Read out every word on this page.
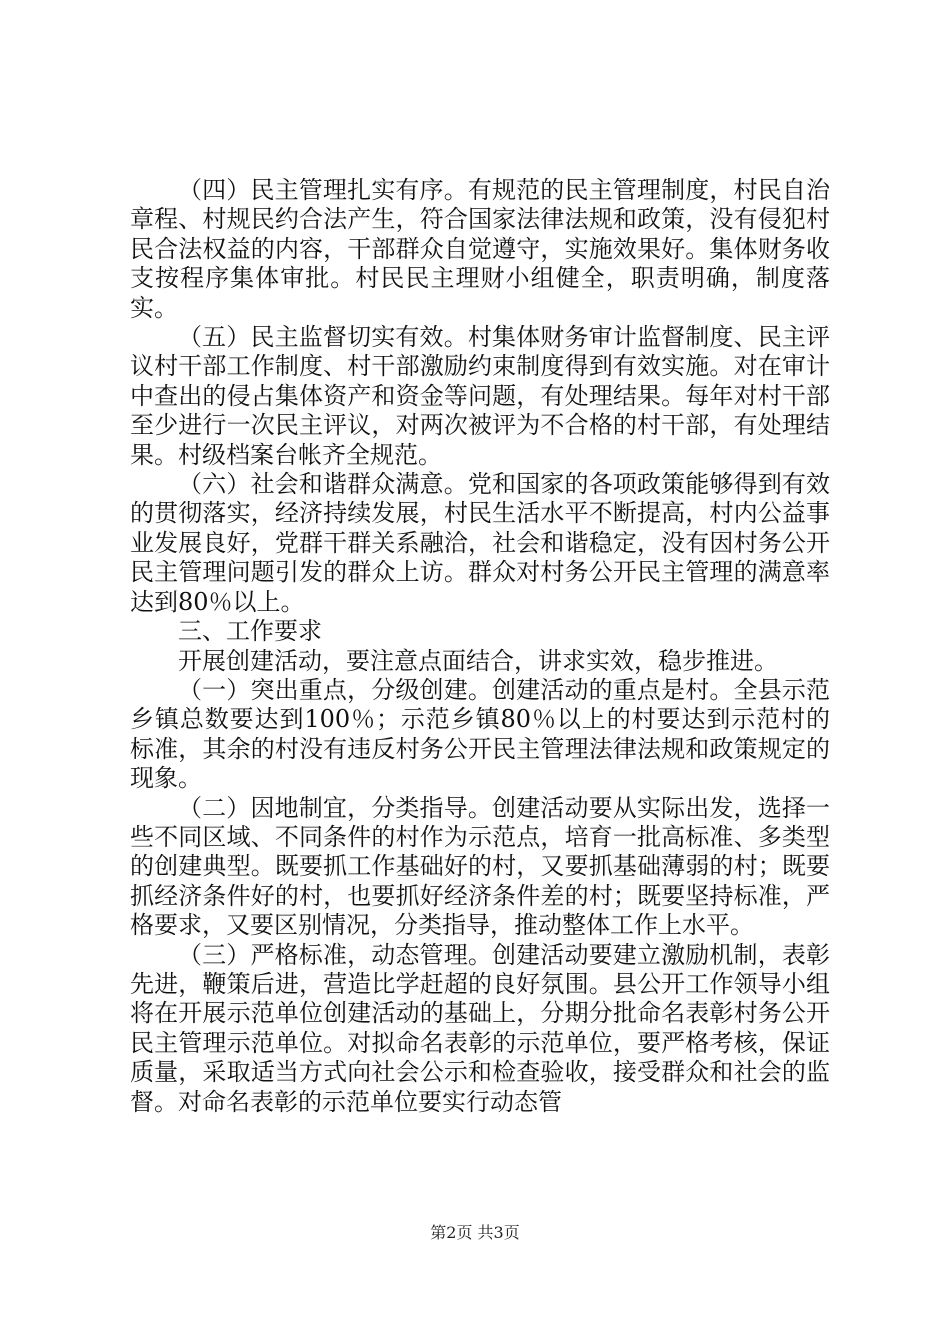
（四）民主管理扎实有序。有规范的民主管理制度，村民自治章程、村规民约合法产生，符合国家法律法规和政策，没有侵犯村民合法权益的内容，干部群众自觉遵守，实施效果好。集体财务收支按程序集体审批。村民民主理财小组健全，职责明确，制度落实。

（五）民主监督切实有效。村集体财务审计监督制度、民主评议村干部工作制度、村干部激励约束制度得到有效实施。对在审计中查出的侵占集体资产和资金等问题，有处理结果。每年对村干部至少进行一次民主评议，对两次被评为不合格的村干部，有处理结果。村级档案台帐齐全规范。

（六）社会和谐群众满意。党和国家的各项政策能够得到有效的贯彻落实，经济持续发展，村民生活水平不断提高，村内公益事业发展良好，党群干群关系融洽，社会和谐稳定，没有因村务公开民主管理问题引发的群众上访。群众对村务公开民主管理的满意率达到80％以上。

三、工作要求

开展创建活动，要注意点面结合，讲求实效，稳步推进。

（一）突出重点，分级创建。创建活动的重点是村。全县示范乡镇总数要达到100％；示范乡镇80％以上的村要达到示范村的标准，其余的村没有违反村务公开民主管理法律法规和政策规定的现象。

（二）因地制宜，分类指导。创建活动要从实际出发，选择一些不同区域、不同条件的村作为示范点，培育一批高标准、多类型的创建典型。既要抓工作基础好的村，又要抓基础薄弱的村；既要抓经济条件好的村，也要抓好经济条件差的村；既要坚持标准，严格要求，又要区别情况，分类指导，推动整体工作上水平。

（三）严格标准，动态管理。创建活动要建立激励机制，表彰先进，鞭策后进，营造比学赶超的良好氛围。县公开工作领导小组将在开展示范单位创建活动的基础上，分期分批命名表彰村务公开民主管理示范单位。对拟命名表彰的示范单位，要严格考核，保证质量，采取适当方式向社会公示和检查验收，接受群众和社会的监督。对命名表彰的示范单位要实行动态管

第2页 共3页
